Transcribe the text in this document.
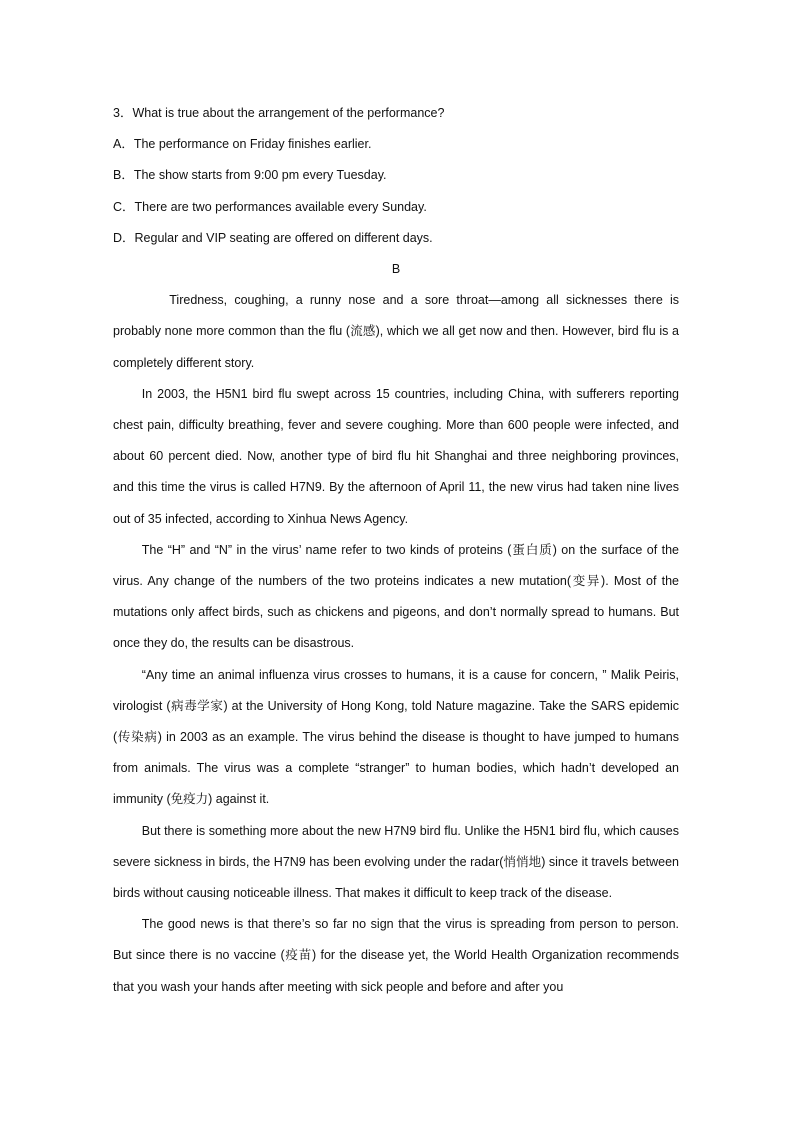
3．What is true about the arrangement of the performance?

A．The performance on Friday finishes earlier.

B．The show starts from 9:00 pm every Tuesday.

C．There are two performances available every Sunday.

D．Regular and VIP seating are offered on different days.

B

Tiredness, coughing, a runny nose and a sore throat—among all sicknesses there is probably none more common than the flu (流感), which we all get now and then. However, bird flu is a completely different story.

In 2003, the H5N1 bird flu swept across 15 countries, including China, with sufferers reporting chest pain, difficulty breathing, fever and severe coughing. More than 600 people were infected, and about 60 percent died. Now, another type of bird flu hit Shanghai and three neighboring provinces, and this time the virus is called H7N9. By the afternoon of April 11, the new virus had taken nine lives out of 35 infected, according to Xinhua News Agency.

The “H” and “N” in the virus’ name refer to two kinds of proteins (蛋白质) on the surface of the virus. Any change of the numbers of the two proteins indicates a new mutation(变异). Most of the mutations only affect birds, such as chickens and pigeons, and don’t normally spread to humans. But once they do, the results can be disastrous.

“Any time an animal influenza virus crosses to humans, it is a cause for concern, ” Malik Peiris, virologist (病毒学家) at the University of Hong Kong, told Nature magazine. Take the SARS epidemic (传染病) in 2003 as an example. The virus behind the disease is thought to have jumped to humans from animals. The virus was a complete “stranger” to human bodies, which hadn’t developed an immunity (免疫力) against it.

But there is something more about the new H7N9 bird flu. Unlike the H5N1 bird flu, which causes severe sickness in birds, the H7N9 has been evolving under the radar(悄悄地) since it travels between birds without causing noticeable illness. That makes it difficult to keep track of the disease.

The good news is that there’s so far no sign that the virus is spreading from person to person. But since there is no vaccine (疫苗) for the disease yet, the World Health Organization recommends that you wash your hands after meeting with sick people and before and after you
